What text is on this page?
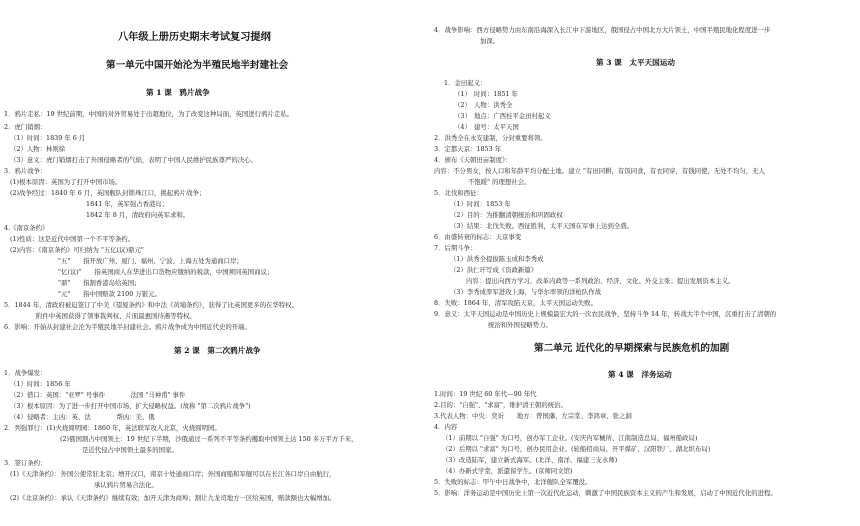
八年级上册历史期末考试复习提纲
第一单元中国开始沦为半殖民地半封建社会
第 1 课　鸦片战争
1．鸦片走私：19 世纪前期，中国的对外贸易处于出超地位，为了改变这种局面，英国进行鸦片走私。
2．虎门销烟：
（1）时间：1839 年 6 月
（2）人物：林则徐
（3）意义：虎门销烟打击了外国侵略者的气焰，表明了中国人民维护民族尊严的决心。
3．鸦片战争：
(1)根本原因：英国为了打开中国市场。
(2)战争经过：1840 年 6 月，英国舰队封锁珠江口，挑起鸦片战争；
1841 年，英军强占香港岛；
1842 年 8 月，清政府向英军求和。
4.《南京条约》
(1)性质：这是近代中国第一个不平等条约。
(2)内容：《南京条约》可归纳为 "五亿(议)鼎元"
"五"　　指开放广州、厦门、福州、宁波、上海五处为通商口岸；
"亿(议)"　　指英国商人在华进出口货物应缴纳的税款，中国须同英国商议；
"鼎"　　指割香港岛给英国；
"元"　　指中国赔款 2100 万银元。
5．1844 年，清政府被迫签订了中美《望厦条约》和中法《黄埔条约》，获得了比英国更多的在华特权。
附件中英国获得了领事裁判权、片面最惠国待遇等特权。
6．影响：开始从封建社会沦为半殖民地半封建社会。鸦片战争成为中国近代史的开端。
第 2 课　第二次鸦片战争
1．战争爆发：
（1）时间：1856 年
（2）借口：英国："亚罗" 号事件　　　　法国 "马神甫" 事件
（3）根本原因：为了进一步打开中国市场，扩大侵略权益。(故称 "第二次鸦片战争")
（4）侵略者：主凶：英、法　　　　帮凶：美、俄
2．列强罪行：(1)火烧圆明园：1860 年，英法联军攻入北京，火烧圆明园。
(2)俄国割占中国领土：19 世纪下半期，沙俄通过一系列不平等条约攫取中国领土达 150 多万平方千米，
是近代侵占中国领土最多的国家。
3．签订条约：
(1)《天津条约》：外国公使常驻北京；增开汉口，南京十处通商口岸；外国商船和军舰可以在长江各口岸自由航行，
承认鸦片贸易合法化。
(2)《北京条约》：承认《天津条约》继续有效；加开天津为商埠；割让九龙司地方一区给英国，赔款额也大幅增加。
4．战争影响：西方侵略势力由东南沿海深入长江中下游地区，俄国侵占中国北方大片领土，中国半殖民地化程度进一步
加深。
第 3 课　太平天国运动
1．金田起义：
（1）　时间：1851 年
（2）　人物：洪秀全
（3）　地点：广西桂平金田村起义
（4）　建号：太平天国
2．洪秀全在永安建制，分封重要将领。
3．定都天京：1853 年
4．颁布《天朝田亩制度》：
内容：不分男女，按人口和年龄平均分配土地。建立 "有田同耕，有饭同食，有衣同穿，有钱同使，无处不均匀，无人
不饱暖" 的理想社会。
5．北伐和西征：
（1）时间：1853 年
（2）目的：为推翻清朝统治和巩固政权
（3）结果：北伐失败。西征胜利，太平天国在军事上达到全盛。
6．由盛转衰的标志：天京事变
7．后期斗争：
（1）洪秀全提拔陈玉成和李秀成
（2）洪仁玕写成《资政新篇》
内容：提出向西方学习、改革内政等一系列政治、经济、文化、外交主张；提出发展资本主义。
（3）李秀成率军进攻上海，与华尔率领的洋枪队作战
8．失败：1864 年，清军攻陷天京，太平天国运动失败。
9．意义：太平天国运动是中国历史上规模最宏大的一次农民战争，坚持斗争 14 年，转战大半个中国，沉重打击了清朝的
统治和外国侵略势力。
第二单元 近代化的早期探索与民族危机的加剧
第 4 课　洋务运动
1.时间：19 世纪 60 年代—90 年代
2.目的："自强"、"求富"，维护清王朝的统治。
3.代表人物：中央：奕䜣　　地方：曾国藩、左宗棠、李鸿章、张之洞
4．内容
（1）前期以 "自强" 为口号，创办军工企业。(安庆内军械所、江南制造总局、福州船政局)
（2）后期以 "求富" 为口号，创办民用企业。(轮船招商局、开平煤矿、汉阳铁厂、湖北织布局)
（3）改造陆军，建立新式海军。(北洋、南洋、福建三支水师)
（4）办新式学堂，派遣留学生。(京师同文馆)
5．失败的标志：甲午中日战争中，北洋舰队全军覆没。
5．影响：洋务运动是中国历史上第一次近代化运动，刺激了中国民族资本主义的产生和发展，启动了中国近代化的进程。
